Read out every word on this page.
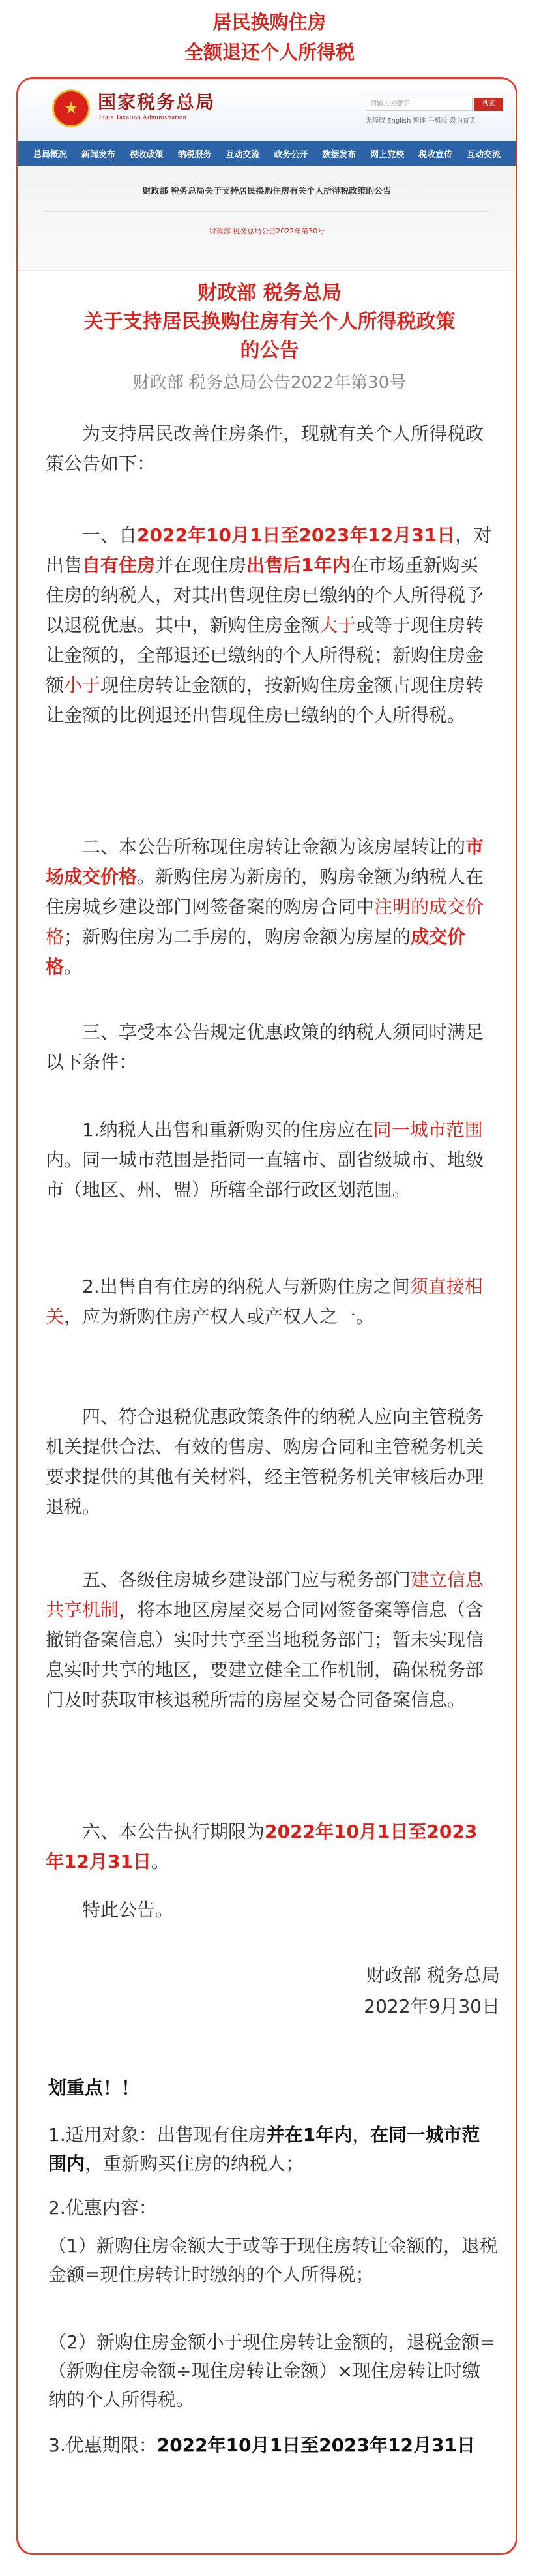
居民换购住房
全额退还个人所得税
★
国家税务总局
State Taxation Administration
请输入关键字	搜索
无障碍 English 繁体 手机版 设为首页
总局概况 新闻发布 税收政策 纳税服务 互动交流 政务公开 数据发布 网上党校 税收宣传 互动交流
财政部 税务总局关于支持居民换购住房有关个人所得税政策的公告
财政部 税务总局公告2022年第30号
财政部 税务总局
关于支持居民换购住房有关个人所得税政策
的公告
财政部 税务总局公告2022年第30号

为支持居民改善住房条件，现就有关个人所得税政策公告如下：

一、自2022年10月1日至2023年12月31日，对出售自有住房并在现住房出售后1年内在市场重新购买住房的纳税人，对其出售现住房已缴纳的个人所得税予以退税优惠。其中，新购住房金额大于或等于现住房转让金额的，全部退还已缴纳的个人所得税；新购住房金额小于现住房转让金额的，按新购住房金额占现住房转让金额的比例退还出售现住房已缴纳的个人所得税。

二、本公告所称现住房转让金额为该房屋转让的市场成交价格。新购住房为新房的，购房金额为纳税人在住房城乡建设部门网签备案的购房合同中注明的成交价格；新购住房为二手房的，购房金额为房屋的成交价格。

三、享受本公告规定优惠政策的纳税人须同时满足以下条件：

1.纳税人出售和重新购买的住房应在同一城市范围内。同一城市范围是指同一直辖市、副省级城市、地级市（地区、州、盟）所辖全部行政区划范围。

2.出售自有住房的纳税人与新购住房之间须直接相关，应为新购住房产权人或产权人之一。

四、符合退税优惠政策条件的纳税人应向主管税务机关提供合法、有效的售房、购房合同和主管税务机关要求提供的其他有关材料，经主管税务机关审核后办理退税。

五、各级住房城乡建设部门应与税务部门建立信息共享机制，将本地区房屋交易合同网签备案等信息（含撤销备案信息）实时共享至当地税务部门；暂未实现信息实时共享的地区，要建立健全工作机制，确保税务部门及时获取审核退税所需的房屋交易合同备案信息。

六、本公告执行期限为2022年10月1日至2023年12月31日。

特此公告。

财政部 税务总局
2022年9月30日
划重点！！

1.适用对象：出售现有住房并在1年内，在同一城市范围内，重新购买住房的纳税人；

2.优惠内容：

（1）新购住房金额大于或等于现住房转让金额的，退税金额=现住房转让时缴纳的个人所得税；

（2）新购住房金额小于现住房转让金额的，退税金额=（新购住房金额÷现住房转让金额）×现住房转让时缴纳的个人所得税。

3.优惠期限：2022年10月1日至2023年12月31日
